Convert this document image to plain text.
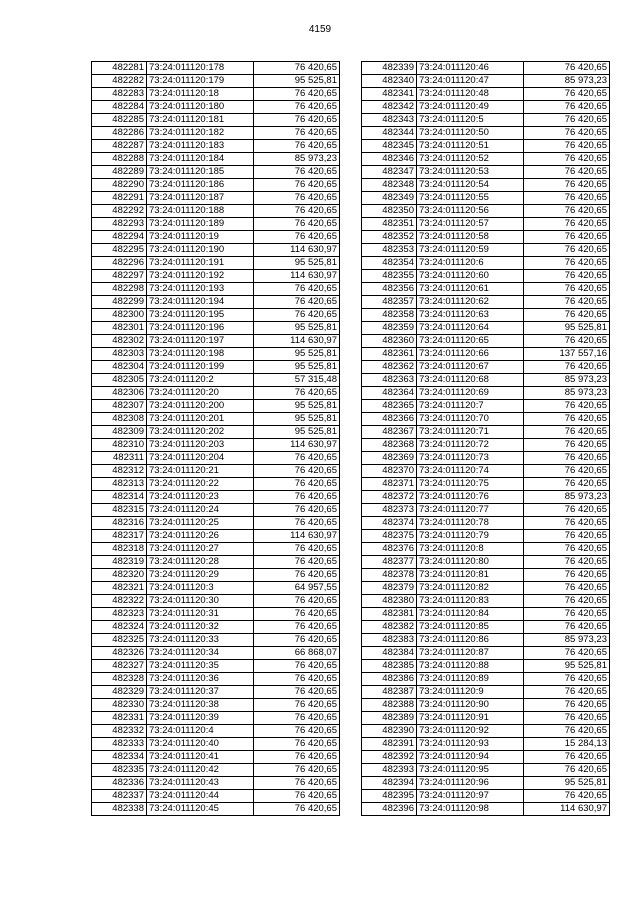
4159
482281	73:24:011120:178	76 420,65
482282	73:24:011120:179	95 525,81
482283	73:24:011120:18	76 420,65
482284	73:24:011120:180	76 420,65
482285	73:24:011120:181	76 420,65
482286	73:24:011120:182	76 420,65
482287	73:24:011120:183	76 420,65
482288	73:24:011120:184	85 973,23
482289	73:24:011120:185	76 420,65
482290	73:24:011120:186	76 420,65
482291	73:24:011120:187	76 420,65
482292	73:24:011120:188	76 420,65
482293	73:24:011120:189	76 420,65
482294	73:24:011120:19	76 420,65
482295	73:24:011120:190	114 630,97
482296	73:24:011120:191	95 525,81
482297	73:24:011120:192	114 630,97
482298	73:24:011120:193	76 420,65
482299	73:24:011120:194	76 420,65
482300	73:24:011120:195	76 420,65
482301	73:24:011120:196	95 525,81
482302	73:24:011120:197	114 630,97
482303	73:24:011120:198	95 525,81
482304	73:24:011120:199	95 525,81
482305	73:24:011120:2	57 315,48
482306	73:24:011120:20	76 420,65
482307	73:24:011120:200	95 525,81
482308	73:24:011120:201	95 525,81
482309	73:24:011120:202	95 525,81
482310	73:24:011120:203	114 630,97
482311	73:24:011120:204	76 420,65
482312	73:24:011120:21	76 420,65
482313	73:24:011120:22	76 420,65
482314	73:24:011120:23	76 420,65
482315	73:24:011120:24	76 420,65
482316	73:24:011120:25	76 420,65
482317	73:24:011120:26	114 630,97
482318	73:24:011120:27	76 420,65
482319	73:24:011120:28	76 420,65
482320	73:24:011120:29	76 420,65
482321	73:24:011120:3	64 957,55
482322	73:24:011120:30	76 420,65
482323	73:24:011120:31	76 420,65
482324	73:24:011120:32	76 420,65
482325	73:24:011120:33	76 420,65
482326	73:24:011120:34	66 868,07
482327	73:24:011120:35	76 420,65
482328	73:24:011120:36	76 420,65
482329	73:24:011120:37	76 420,65
482330	73:24:011120:38	76 420,65
482331	73:24:011120:39	76 420,65
482332	73:24:011120:4	76 420,65
482333	73:24:011120:40	76 420,65
482334	73:24:011120:41	76 420,65
482335	73:24:011120:42	76 420,65
482336	73:24:011120:43	76 420,65
482337	73:24:011120:44	76 420,65
482338	73:24:011120:45	76 420,65
482339	73:24:011120:46	76 420,65
482340	73:24:011120:47	85 973,23
482341	73:24:011120:48	76 420,65
482342	73:24:011120:49	76 420,65
482343	73:24:011120:5	76 420,65
482344	73:24:011120:50	76 420,65
482345	73:24:011120:51	76 420,65
482346	73:24:011120:52	76 420,65
482347	73:24:011120:53	76 420,65
482348	73:24:011120:54	76 420,65
482349	73:24:011120:55	76 420,65
482350	73:24:011120:56	76 420,65
482351	73:24:011120:57	76 420,65
482352	73:24:011120:58	76 420,65
482353	73:24:011120:59	76 420,65
482354	73:24:011120:6	76 420,65
482355	73:24:011120:60	76 420,65
482356	73:24:011120:61	76 420,65
482357	73:24:011120:62	76 420,65
482358	73:24:011120:63	76 420,65
482359	73:24:011120:64	95 525,81
482360	73:24:011120:65	76 420,65
482361	73:24:011120:66	137 557,16
482362	73:24:011120:67	76 420,65
482363	73:24:011120:68	85 973,23
482364	73:24:011120:69	85 973,23
482365	73:24:011120:7	76 420,65
482366	73:24:011120:70	76 420,65
482367	73:24:011120:71	76 420,65
482368	73:24:011120:72	76 420,65
482369	73:24:011120:73	76 420,65
482370	73:24:011120:74	76 420,65
482371	73:24:011120:75	76 420,65
482372	73:24:011120:76	85 973,23
482373	73:24:011120:77	76 420,65
482374	73:24:011120:78	76 420,65
482375	73:24:011120:79	76 420,65
482376	73:24:011120:8	76 420,65
482377	73:24:011120:80	76 420,65
482378	73:24:011120:81	76 420,65
482379	73:24:011120:82	76 420,65
482380	73:24:011120:83	76 420,65
482381	73:24:011120:84	76 420,65
482382	73:24:011120:85	76 420,65
482383	73:24:011120:86	85 973,23
482384	73:24:011120:87	76 420,65
482385	73:24:011120:88	95 525,81
482386	73:24:011120:89	76 420,65
482387	73:24:011120:9	76 420,65
482388	73:24:011120:90	76 420,65
482389	73:24:011120:91	76 420,65
482390	73:24:011120:92	76 420,65
482391	73:24:011120:93	15 284,13
482392	73:24:011120:94	76 420,65
482393	73:24:011120:95	76 420,65
482394	73:24:011120:96	95 525,81
482395	73:24:011120:97	76 420,65
482396	73:24:011120:98	114 630,97
